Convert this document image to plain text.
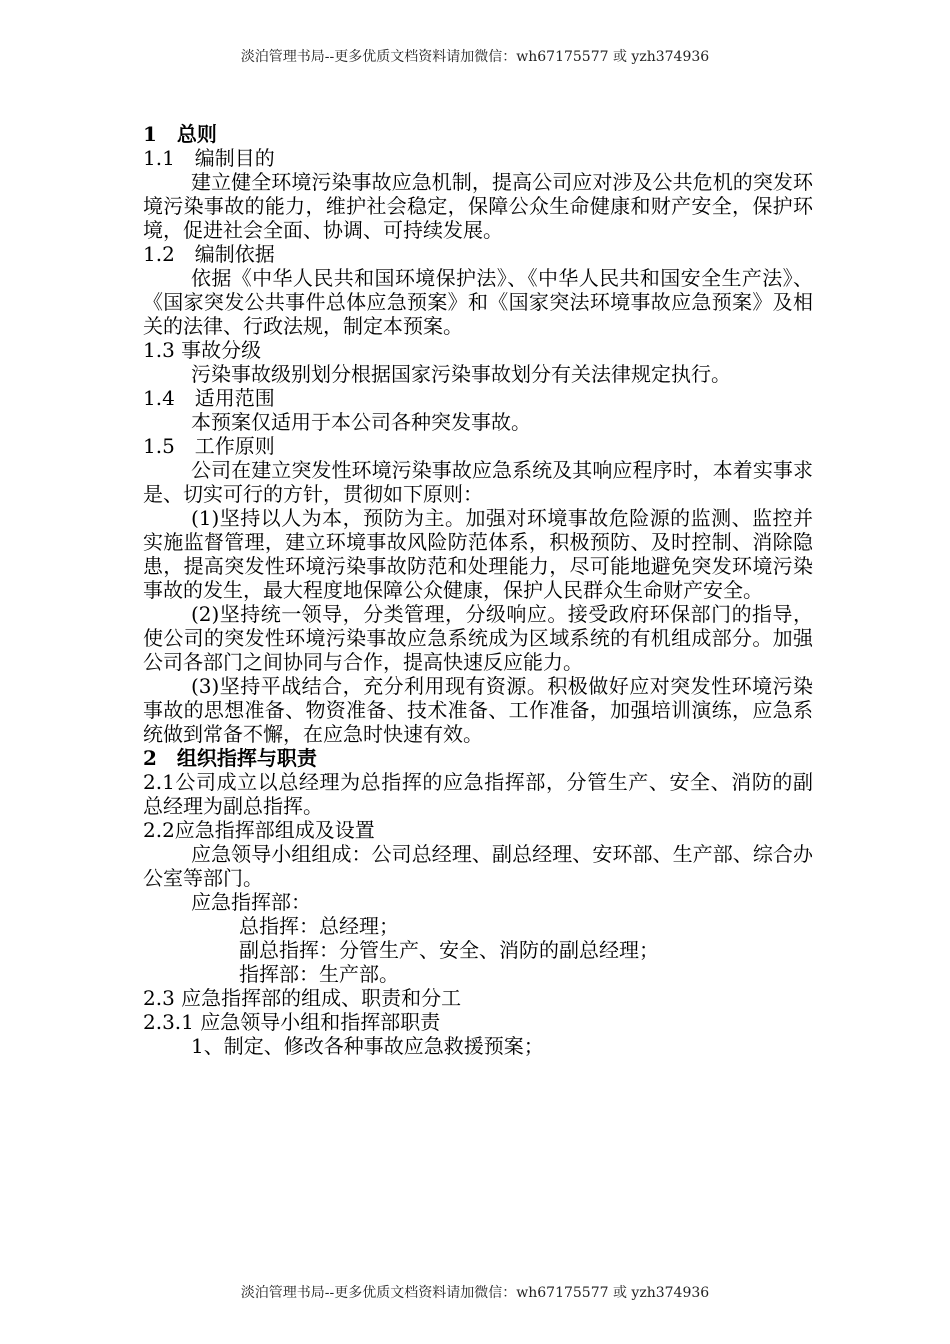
淡泊管理书局--更多优质文档资料请加微信：wh67175577 或 yzh374936

1　总则

1.1　编制目的

建立健全环境污染事故应急机制，提高公司应对涉及公共危机的突发环境污染事故的能力，维护社会稳定，保障公众生命健康和财产安全，保护环境，促进社会全面、协调、可持续发展。

1.2　编制依据

依据《中华人民共和国环境保护法》、《中华人民共和国安全生产法》、《国家突发公共事件总体应急预案》和《国家突法环境事故应急预案》及相关的法律、行政法规，制定本预案。

1.3 事故分级

污染事故级别划分根据国家污染事故划分有关法律规定执行。

1.4　适用范围

本预案仅适用于本公司各种突发事故。

1.5　工作原则

公司在建立突发性环境污染事故应急系统及其响应程序时，本着实事求是、切实可行的方针，贯彻如下原则：

(1)坚持以人为本，预防为主。加强对环境事故危险源的监测、监控并实施监督管理，建立环境事故风险防范体系，积极预防、及时控制、消除隐患，提高突发性环境污染事故防范和处理能力，尽可能地避免突发环境污染事故的发生，最大程度地保障公众健康，保护人民群众生命财产安全。

(2)坚持统一领导，分类管理，分级响应。接受政府环保部门的指导，使公司的突发性环境污染事故应急系统成为区域系统的有机组成部分。加强公司各部门之间协同与合作，提高快速反应能力。

(3)坚持平战结合，充分利用现有资源。积极做好应对突发性环境污染事故的思想准备、物资准备、技术准备、工作准备，加强培训演练，应急系统做到常备不懈，在应急时快速有效。

2　组织指挥与职责

2.1公司成立以总经理为总指挥的应急指挥部，分管生产、安全、消防的副总经理为副总指挥。

2.2应急指挥部组成及设置

应急领导小组组成：公司总经理、副总经理、安环部、生产部、综合办公室等部门。

应急指挥部：

总指挥：总经理；

副总指挥：分管生产、安全、消防的副总经理；

指挥部：生产部。

2.3 应急指挥部的组成、职责和分工

2.3.1 应急领导小组和指挥部职责

1、制定、修改各种事故应急救援预案；

淡泊管理书局--更多优质文档资料请加微信：wh67175577 或 yzh374936
